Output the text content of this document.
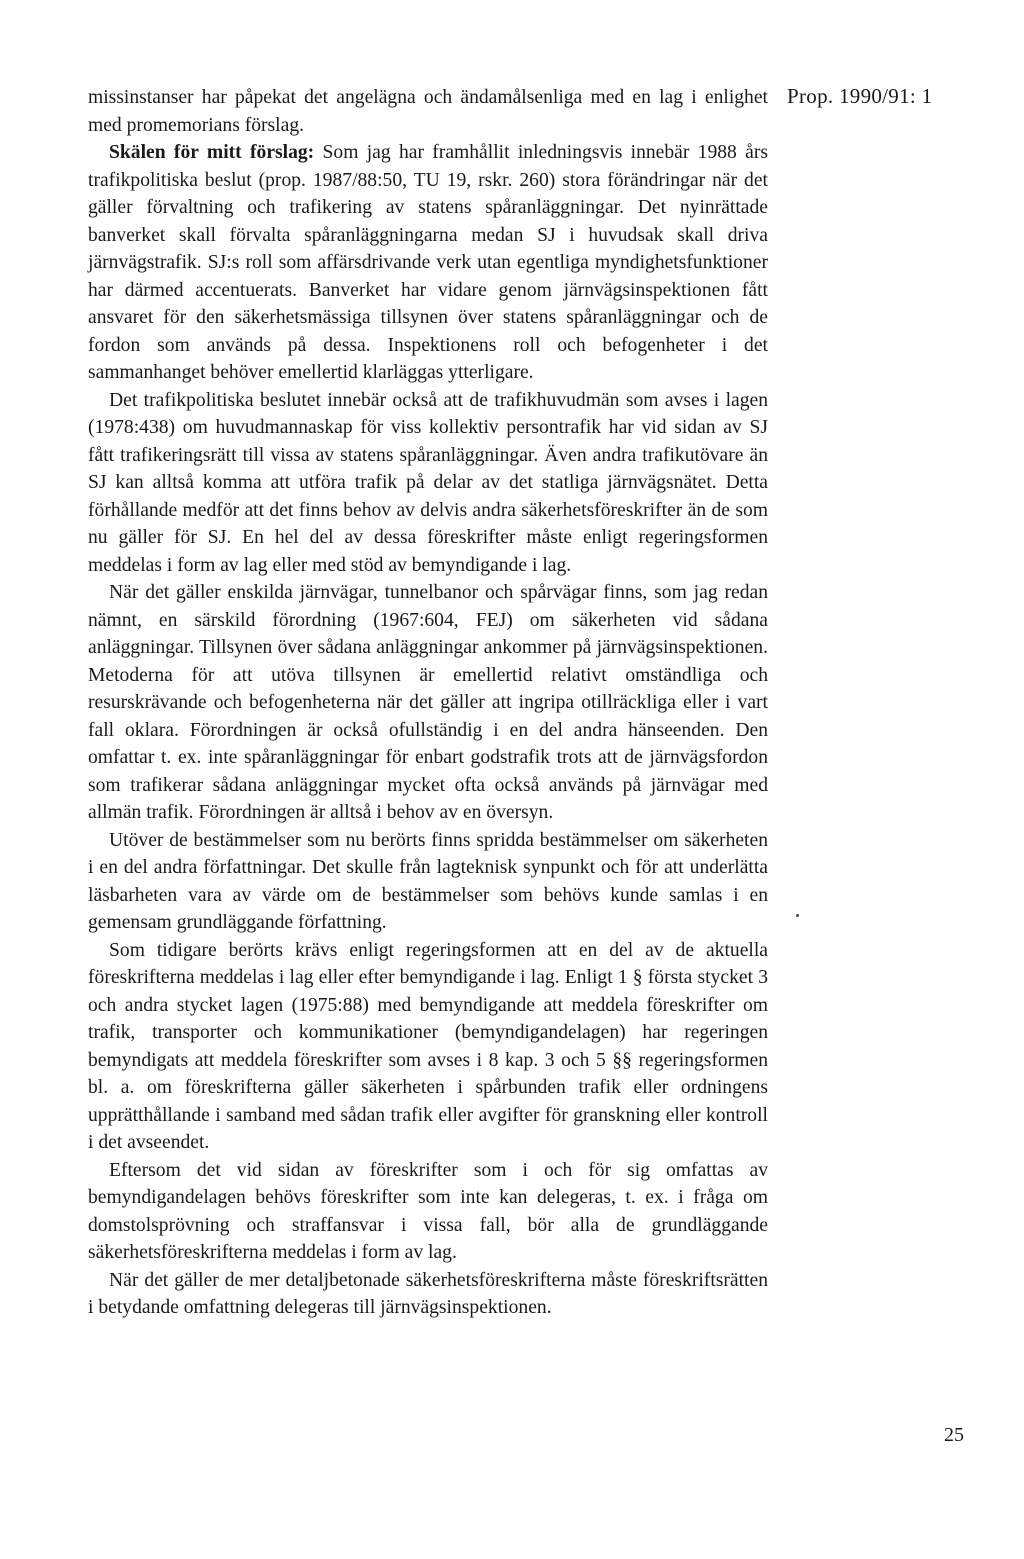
Prop. 1990/91: 1

missinstanser har påpekat det angelägna och ändamålsenliga med en lag i enlighet med promemorians förslag.

Skälen för mitt förslag: Som jag har framhållit inledningsvis innebär 1988 års trafikpolitiska beslut (prop. 1987/88:50, TU 19, rskr. 260) stora förändringar när det gäller förvaltning och trafikering av statens spåranläggningar. Det nyinrättade banverket skall förvalta spåranläggningarna medan SJ i huvudsak skall driva järnvägstrafik. SJ:s roll som affärsdrivande verk utan egentliga myndighetsfunktioner har därmed accentuerats. Banverket har vidare genom järnvägsinspektionen fått ansvaret för den säkerhetsmässiga tillsynen över statens spåranläggningar och de fordon som används på dessa. Inspektionens roll och befogenheter i det sammanhanget behöver emellertid klarläggas ytterligare.

Det trafikpolitiska beslutet innebär också att de trafikhuvudmän som avses i lagen (1978:438) om huvudmannaskap för viss kollektiv persontrafik har vid sidan av SJ fått trafikeringsrätt till vissa av statens spåranläggningar. Även andra trafikutövare än SJ kan alltså komma att utföra trafik på delar av det statliga järnvägsnätet. Detta förhållande medför att det finns behov av delvis andra säkerhetsföreskrifter än de som nu gäller för SJ. En hel del av dessa föreskrifter måste enligt regeringsformen meddelas i form av lag eller med stöd av bemyndigande i lag.

När det gäller enskilda järnvägar, tunnelbanor och spårvägar finns, som jag redan nämnt, en särskild förordning (1967:604, FEJ) om säkerheten vid sådana anläggningar. Tillsynen över sådana anläggningar ankommer på järnvägsinspektionen. Metoderna för att utöva tillsynen är emellertid relativt omständliga och resurskrävande och befogenheterna när det gäller att ingripa otillräckliga eller i vart fall oklara. Förordningen är också ofullständig i en del andra hänseenden. Den omfattar t. ex. inte spåranläggningar för enbart godstrafik trots att de järnvägsfordon som trafikerar sådana anläggningar mycket ofta också används på järnvägar med allmän trafik. Förordningen är alltså i behov av en översyn.

Utöver de bestämmelser som nu berörts finns spridda bestämmelser om säkerheten i en del andra författningar. Det skulle från lagteknisk synpunkt och för att underlätta läsbarheten vara av värde om de bestämmelser som behövs kunde samlas i en gemensam grundläggande författning.

Som tidigare berörts krävs enligt regeringsformen att en del av de aktuella föreskrifterna meddelas i lag eller efter bemyndigande i lag. Enligt 1 § första stycket 3 och andra stycket lagen (1975:88) med bemyndigande att meddela föreskrifter om trafik, transporter och kommunikationer (bemyndigandelagen) har regeringen bemyndigats att meddela föreskrifter som avses i 8 kap. 3 och 5 §§ regeringsformen bl. a. om föreskrifterna gäller säkerheten i spårbunden trafik eller ordningens upprätthållande i samband med sådan trafik eller avgifter för granskning eller kontroll i det avseendet.

Eftersom det vid sidan av föreskrifter som i och för sig omfattas av bemyndigandelagen behövs föreskrifter som inte kan delegeras, t. ex. i fråga om domstolsprövning och straffansvar i vissa fall, bör alla de grundläggande säkerhetsföreskrifterna meddelas i form av lag.

När det gäller de mer detaljbetonade säkerhetsföreskrifterna måste föreskriftsrätten i betydande omfattning delegeras till järnvägsinspektionen.

25
